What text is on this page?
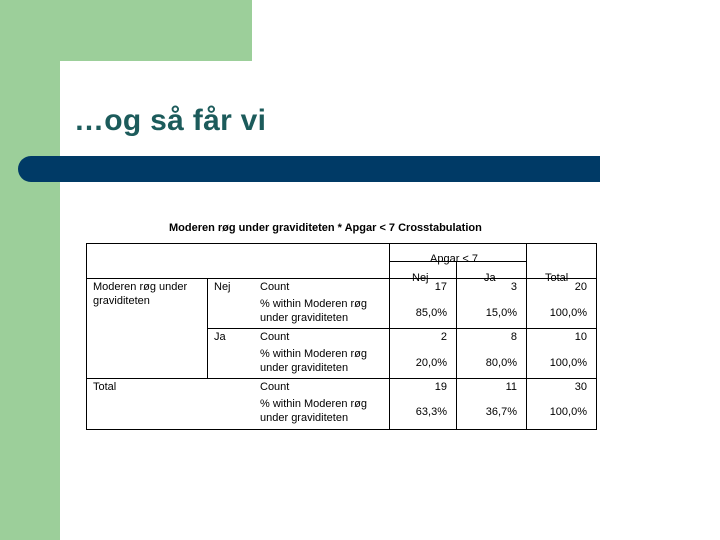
…og så får vi
Moderen røg under graviditeten * Apgar < 7 Crosstabulation
Apgar < 7
Nej	Ja	Total
Moderen røg under
graviditeten
Nej	Count	17	3	20
% within Moderen røg
under graviditeten	85,0%	15,0%	100,0%
Ja	Count	2	8	10
% within Moderen røg
under graviditeten	20,0%	80,0%	100,0%
Total	Count	19	11	30
% within Moderen røg
under graviditeten	63,3%	36,7%	100,0%
